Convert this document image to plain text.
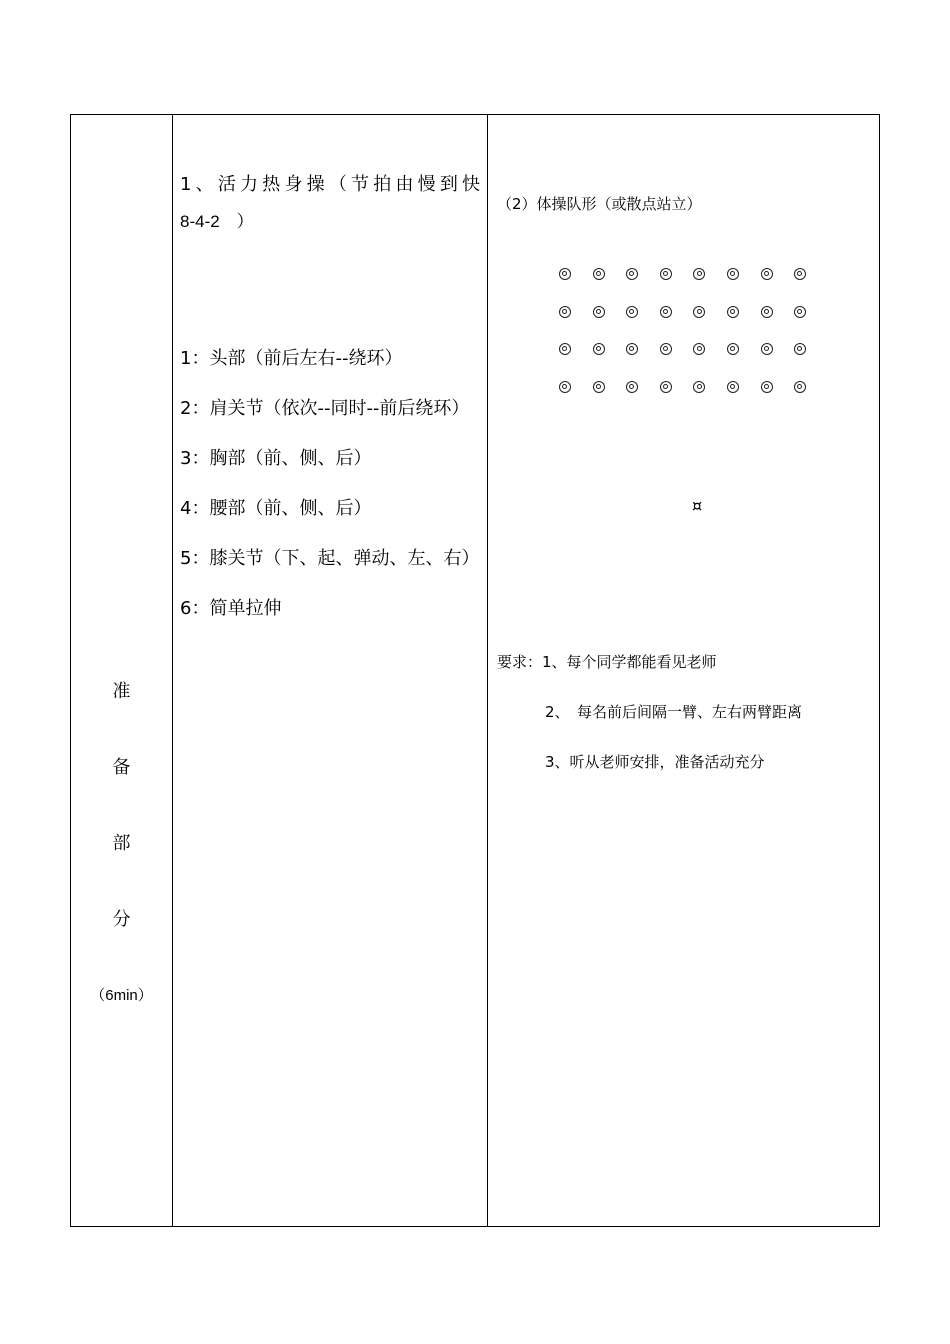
准
备
部
分
（6min）
1、活力热身操（节拍由慢到快
8-4-2　）
1：头部（前后左右--绕环）
2：肩关节（依次--同时--前后绕环）
3：胸部（前、侧、后）
4：腰部（前、侧、后）
5：膝关节（下、起、弹动、左、右）
6：简单拉伸
（2）体操队形（或散点站立）
要求：1、每个同学都能看见老师
2、　每名前后间隔一臂、左右两臂距离
3、听从老师安排，准备活动充分
¤
